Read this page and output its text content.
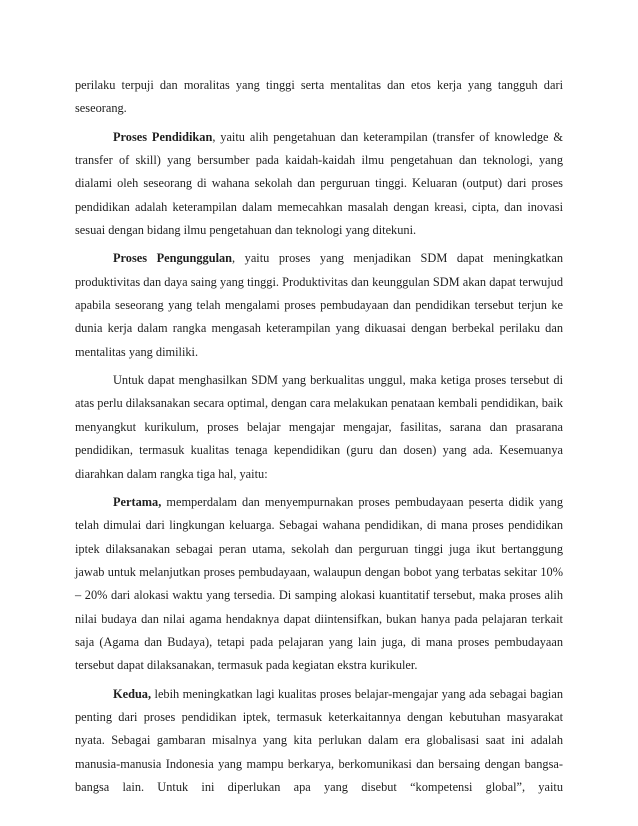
perilaku terpuji dan moralitas yang tinggi serta mentalitas dan etos kerja yang tangguh dari seseorang.

Proses Pendidikan, yaitu alih pengetahuan dan keterampilan (transfer of knowledge & transfer of skill) yang bersumber pada kaidah-kaidah ilmu pengetahuan dan teknologi, yang dialami oleh seseorang di wahana sekolah dan perguruan tinggi. Keluaran (output) dari proses pendidikan adalah keterampilan dalam memecahkan masalah dengan kreasi, cipta, dan inovasi sesuai dengan bidang ilmu pengetahuan dan teknologi yang ditekuni.

Proses Pengunggulan, yaitu proses yang menjadikan SDM dapat meningkatkan produktivitas dan daya saing yang tinggi. Produktivitas dan keunggulan SDM akan dapat terwujud apabila seseorang yang telah mengalami proses pembudayaan dan pendidikan tersebut terjun ke dunia kerja dalam rangka mengasah keterampilan yang dikuasai dengan berbekal perilaku dan mentalitas yang dimiliki.

Untuk dapat menghasilkan SDM yang berkualitas unggul, maka ketiga proses tersebut di atas perlu dilaksanakan secara optimal, dengan cara melakukan penataan kembali pendidikan, baik menyangkut kurikulum, proses belajar mengajar mengajar, fasilitas, sarana dan prasarana pendidikan, termasuk kualitas tenaga kependidikan (guru dan dosen) yang ada. Kesemuanya diarahkan dalam rangka tiga hal, yaitu:

Pertama, memperdalam dan menyempurnakan proses pembudayaan peserta didik yang telah dimulai dari lingkungan keluarga. Sebagai wahana pendidikan, di mana proses pendidikan iptek dilaksanakan sebagai peran utama, sekolah dan perguruan tinggi juga ikut bertanggung jawab untuk melanjutkan proses pembudayaan, walaupun dengan bobot yang terbatas sekitar 10% – 20% dari alokasi waktu yang tersedia. Di samping alokasi kuantitatif tersebut, maka proses alih nilai budaya dan nilai agama hendaknya dapat diintensifkan, bukan hanya pada pelajaran terkait saja (Agama dan Budaya), tetapi pada pelajaran yang lain juga, di mana proses pembudayaan tersebut dapat dilaksanakan, termasuk pada kegiatan ekstra kurikuler.

Kedua, lebih meningkatkan lagi kualitas proses belajar-mengajar yang ada sebagai bagian penting dari proses pendidikan iptek, termasuk keterkaitannya dengan kebutuhan masyarakat nyata. Sebagai gambaran misalnya yang kita perlukan dalam era globalisasi saat ini adalah manusia-manusia Indonesia yang mampu berkarya, berkomunikasi dan bersaing dengan bangsa-bangsa lain. Untuk ini diperlukan apa yang disebut “kompetensi global”, yaitu
